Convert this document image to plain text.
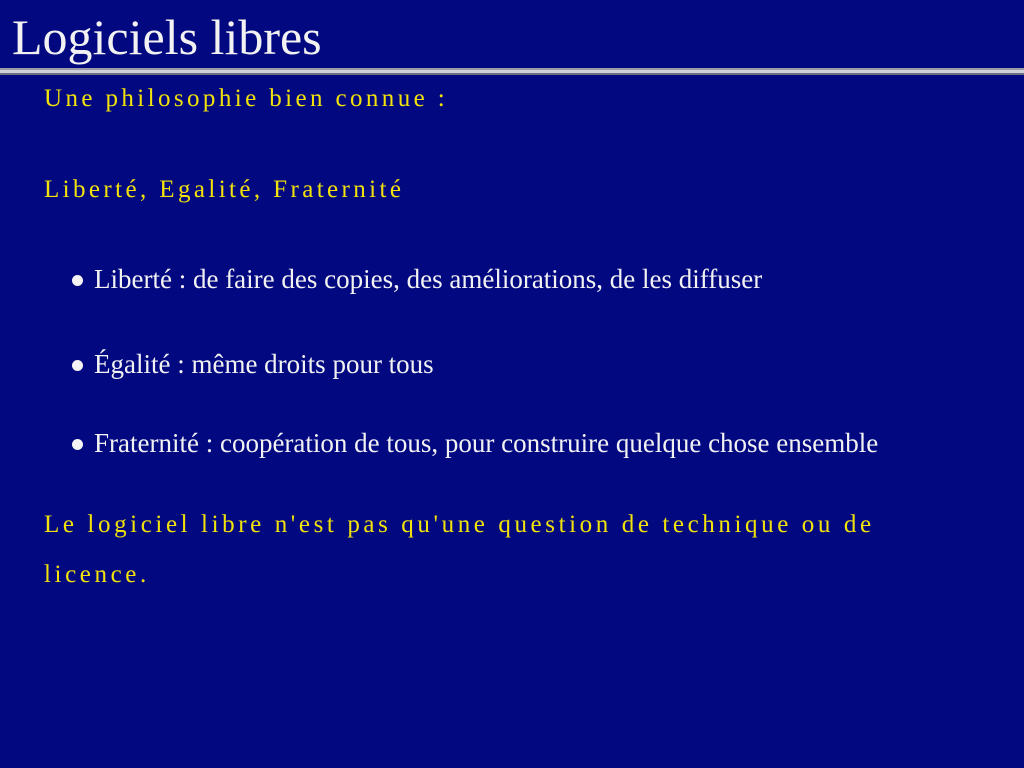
Logiciels libres

Une philosophie bien connue :

Liberté, Egalité, Fraternité

Liberté : de faire des copies, des améliorations, de les diffuser
Égalité : même droits pour tous
Fraternité : coopération de tous, pour construire quelque chose ensemble

Le logiciel libre n'est pas qu'une question de technique ou de licence.
